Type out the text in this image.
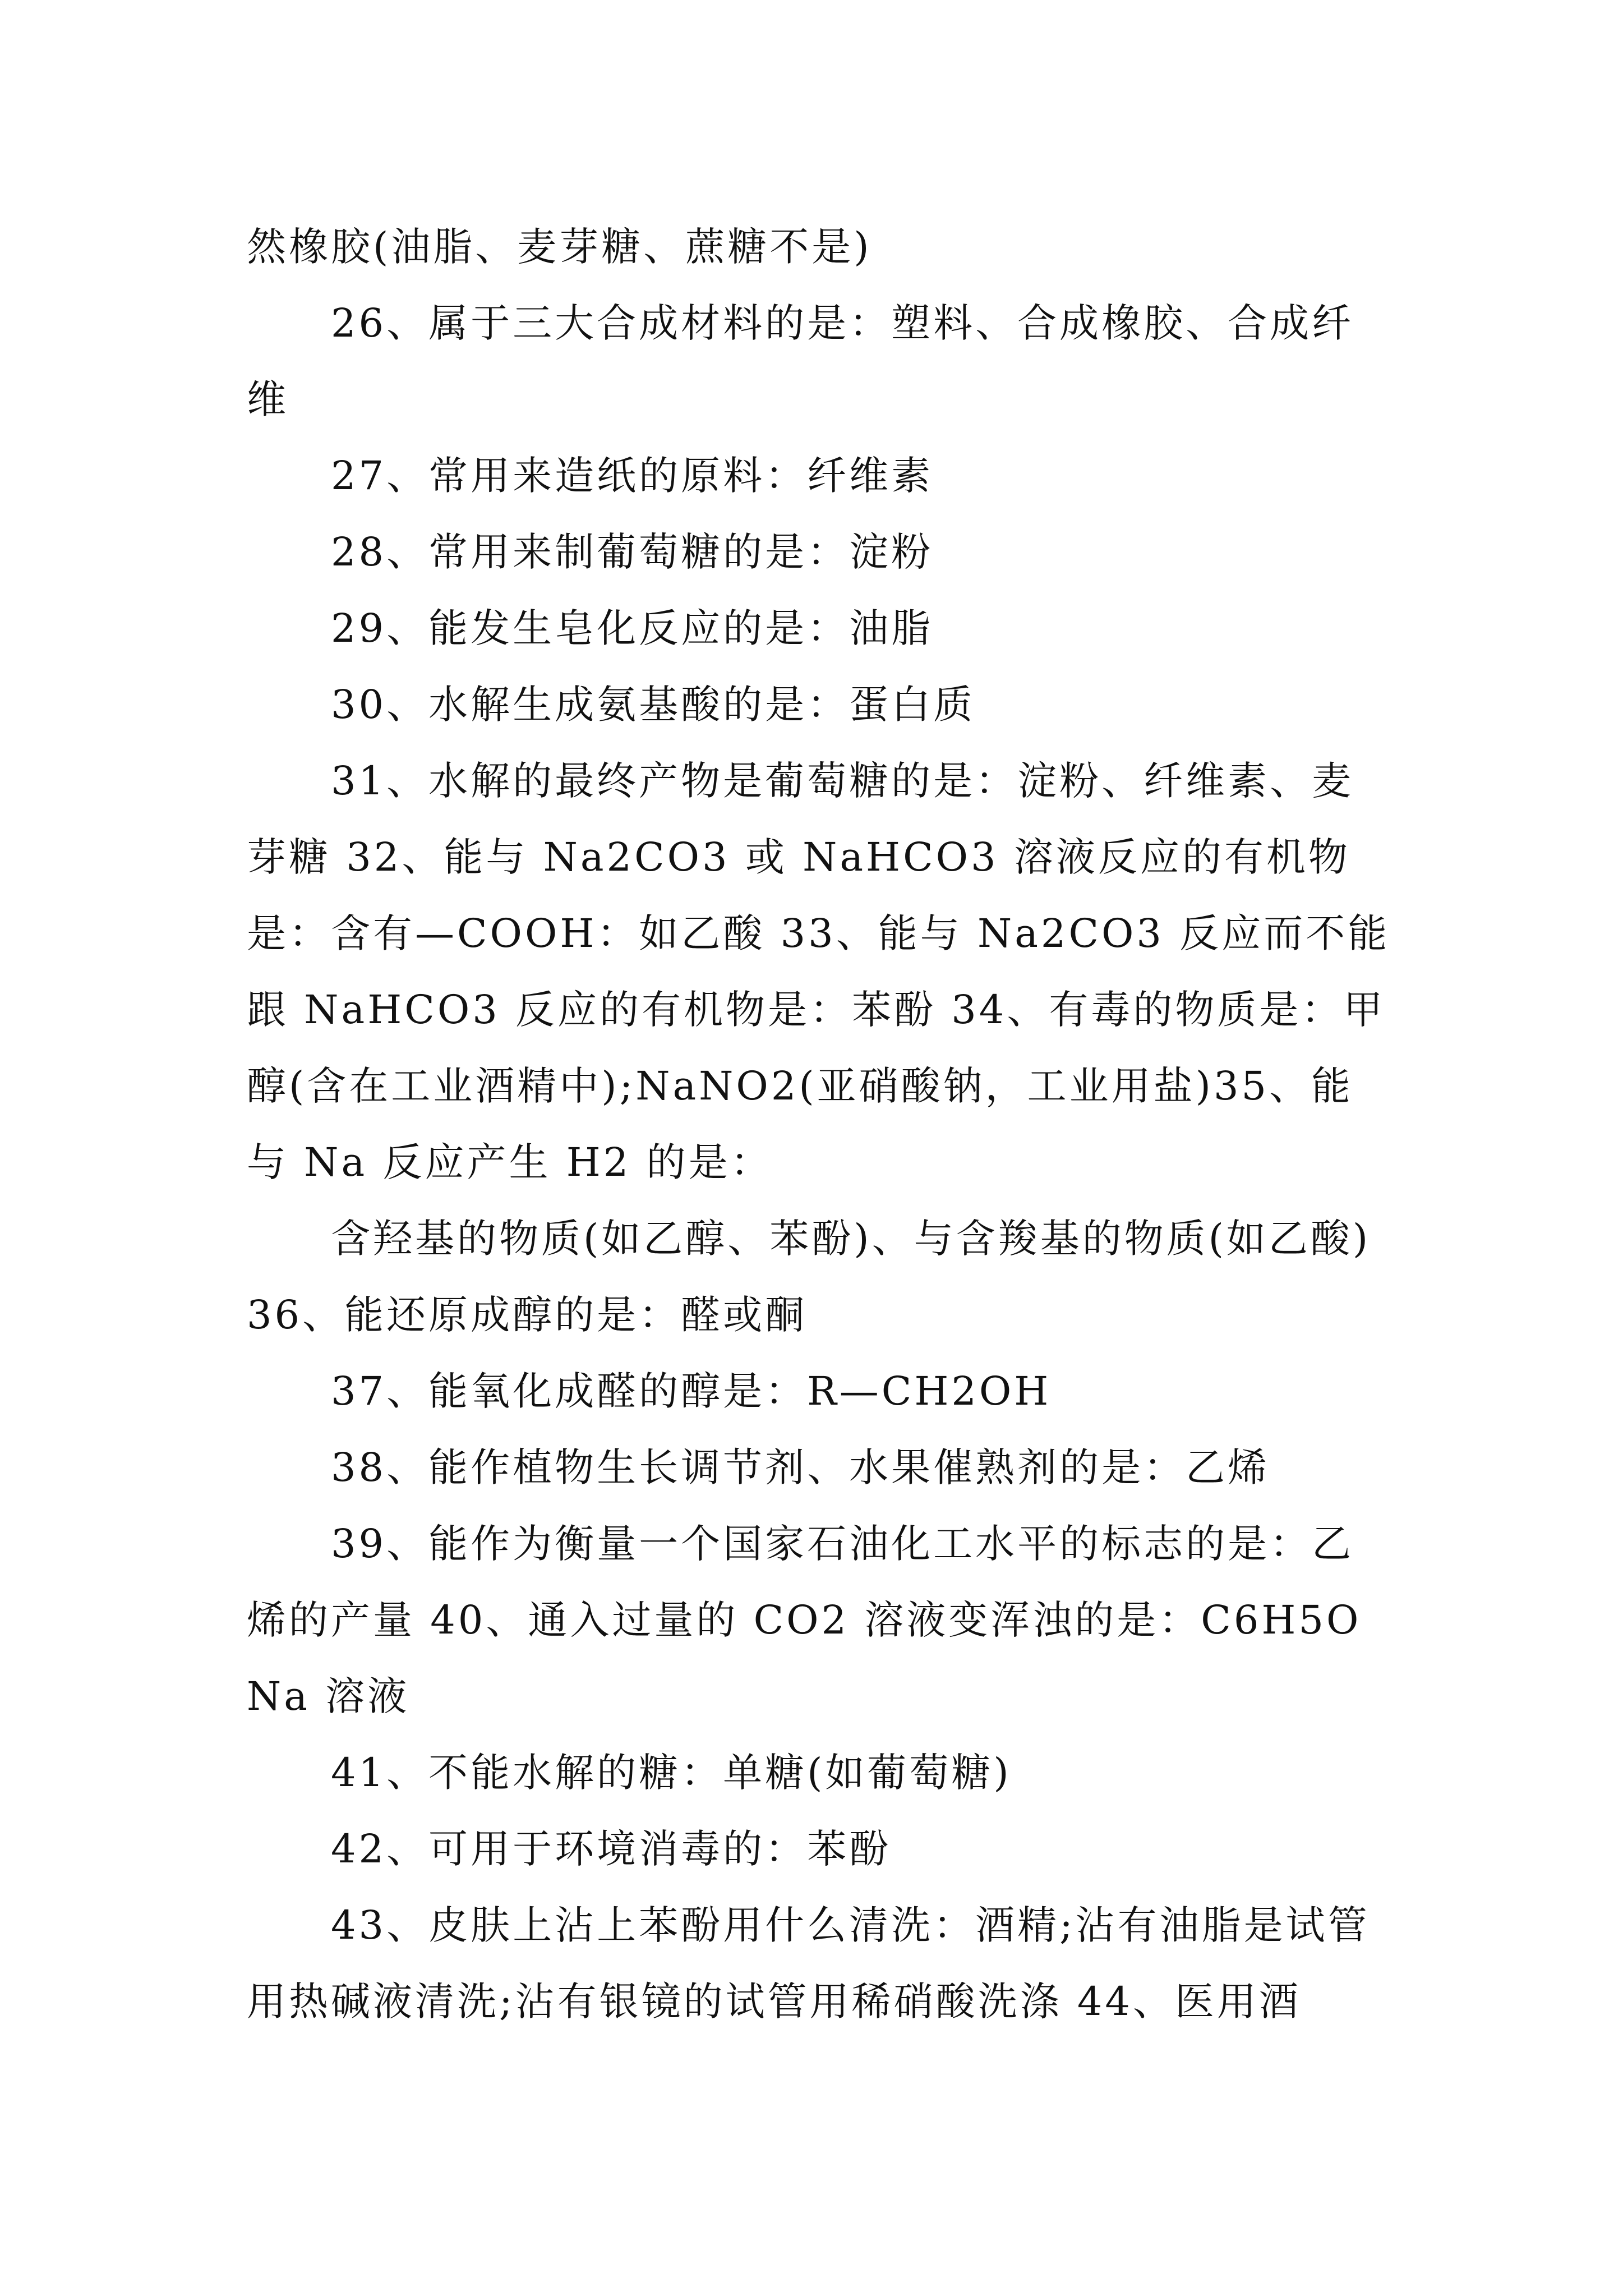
然橡胶(油脂、麦芽糖、蔗糖不是)

26、属于三大合成材料的是：塑料、合成橡胶、合成纤维

27、常用来造纸的原料：纤维素

28、常用来制葡萄糖的是：淀粉

29、能发生皂化反应的是：油脂

30、水解生成氨基酸的是：蛋白质

31、水解的最终产物是葡萄糖的是：淀粉、纤维素、麦芽糖 32、能与 Na2CO3 或 NaHCO3 溶液反应的有机物是：含有—COOH：如乙酸 33、能与 Na2CO3 反应而不能跟 NaHCO3 反应的有机物是：苯酚 34、有毒的物质是：甲醇(含在工业酒精中);NaNO2(亚硝酸钠，工业用盐)35、能与 Na 反应产生 H2 的是：

含羟基的物质(如乙醇、苯酚)、与含羧基的物质(如乙酸)36、能还原成醇的是：醛或酮

37、能氧化成醛的醇是：R—CH2OH

38、能作植物生长调节剂、水果催熟剂的是：乙烯

39、能作为衡量一个国家石油化工水平的标志的是：乙烯的产量 40、通入过量的 CO2 溶液变浑浊的是：C6H5ONa 溶液

41、不能水解的糖：单糖(如葡萄糖)

42、可用于环境消毒的：苯酚

43、皮肤上沾上苯酚用什么清洗：酒精;沾有油脂是试管用热碱液清洗;沾有银镜的试管用稀硝酸洗涤 44、医用酒
